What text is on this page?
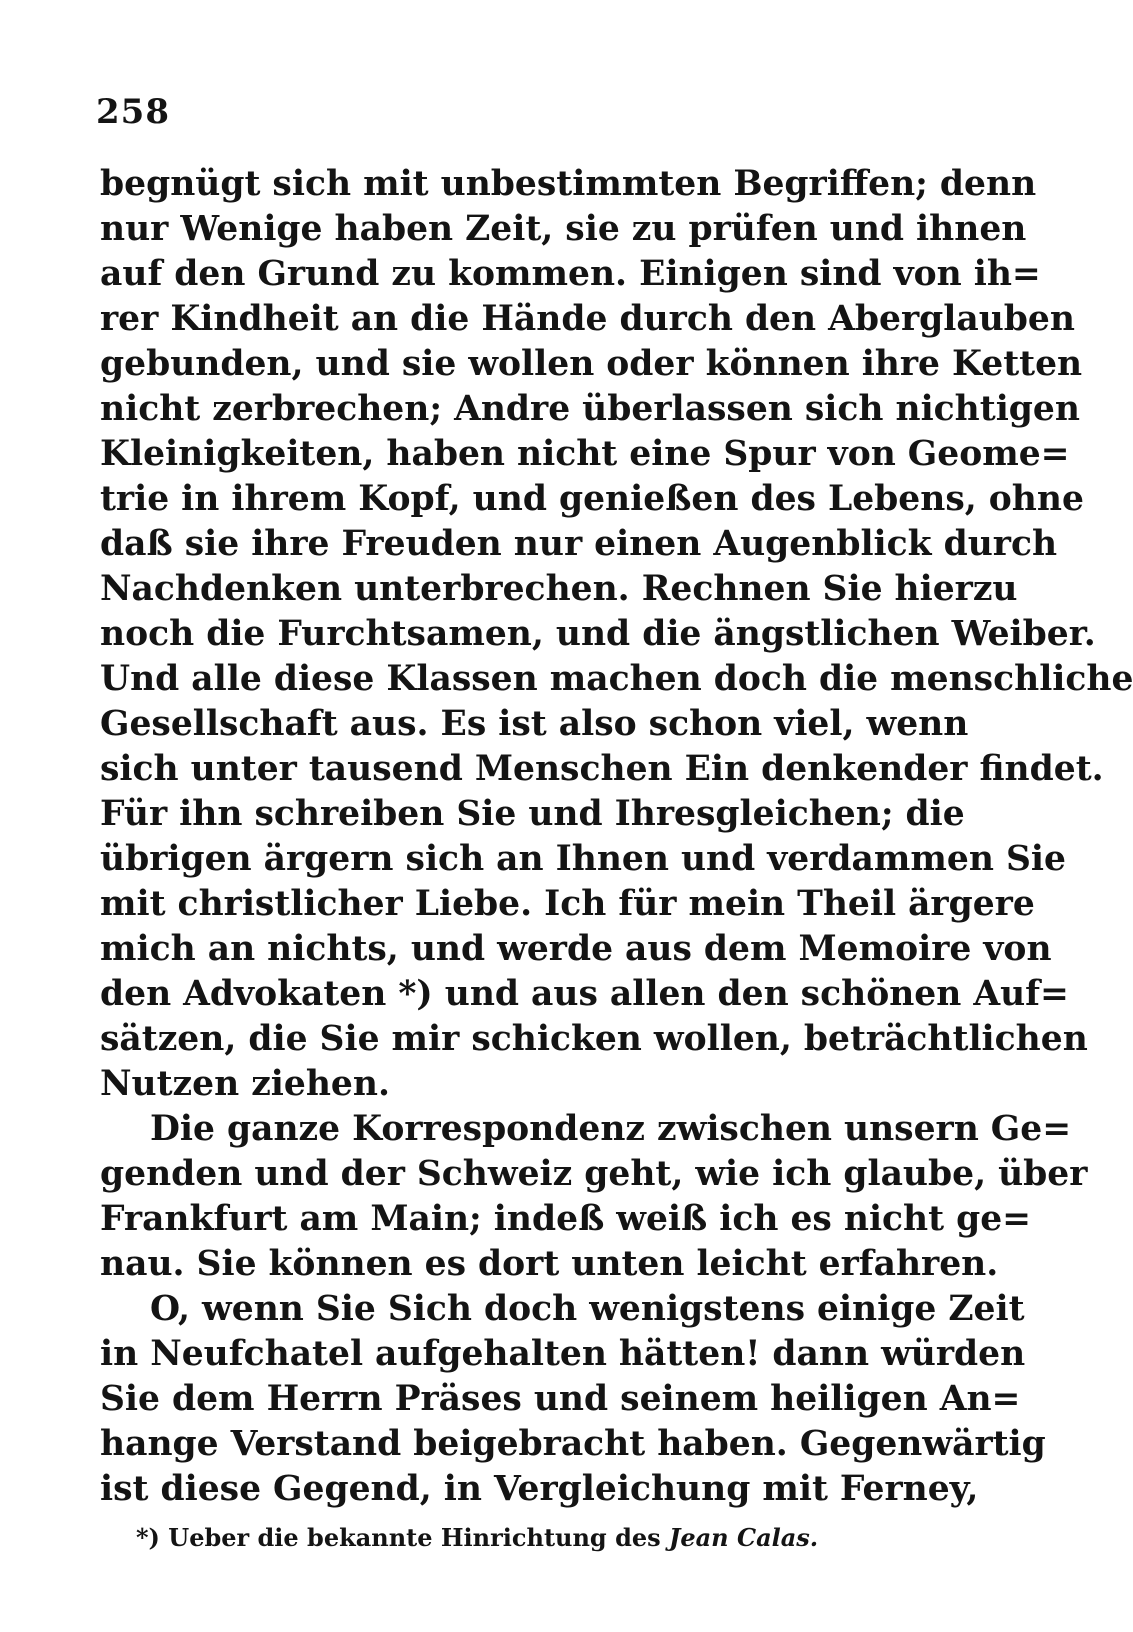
258

begnügt sich mit unbestimmten Begriffen; denn
nur Wenige haben Zeit, sie zu prüfen und ihnen
auf den Grund zu kommen. Einigen sind von ih=
rer Kindheit an die Hände durch den Aberglauben
gebunden, und sie wollen oder können ihre Ketten
nicht zerbrechen; Andre überlassen sich nichtigen
Kleinigkeiten, haben nicht eine Spur von Geome=
trie in ihrem Kopf, und genießen des Lebens, ohne
daß sie ihre Freuden nur einen Augenblick durch
Nachdenken unterbrechen. Rechnen Sie hierzu
noch die Furchtsamen, und die ängstlichen Weiber.
Und alle diese Klassen machen doch die menschliche
Gesellschaft aus. Es ist also schon viel, wenn
sich unter tausend Menschen Ein denkender findet.
Für ihn schreiben Sie und Ihresgleichen; die
übrigen ärgern sich an Ihnen und verdammen Sie
mit christlicher Liebe. Ich für mein Theil ärgere
mich an nichts, und werde aus dem Memoire von
den Advokaten *) und aus allen den schönen Auf=
sätzen, die Sie mir schicken wollen, beträchtlichen
Nutzen ziehen.

Die ganze Korrespondenz zwischen unsern Ge=
genden und der Schweiz geht, wie ich glaube, über
Frankfurt am Main; indeß weiß ich es nicht ge=
nau. Sie können es dort unten leicht erfahren.

O, wenn Sie Sich doch wenigstens einige Zeit
in Neufchatel aufgehalten hätten! dann würden
Sie dem Herrn Präses und seinem heiligen An=
hange Verstand beigebracht haben. Gegenwärtig
ist diese Gegend, in Vergleichung mit Ferney,

*) Ueber die bekannte Hinrichtung des Jean Calas.
